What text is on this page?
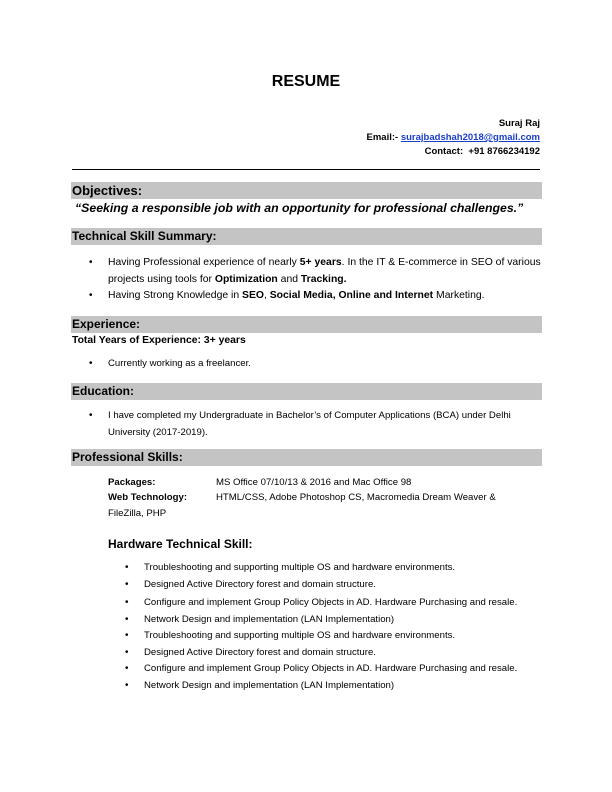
RESUME
Suraj Raj
Email:- surajbadshah2018@gmail.com
Contact: +91 8766234192
Objectives:
“Seeking a responsible job with an opportunity for professional challenges.”
Technical Skill Summary:
• Having Professional experience of nearly 5+ years. In the IT & E-commerce in SEO of various projects using tools for Optimization and Tracking.
• Having Strong Knowledge in SEO, Social Media, Online and Internet Marketing.
Experience:
Total Years of Experience: 3+ years
• Currently working as a freelancer.
Education:
• I have completed my Undergraduate in Bachelor’s of Computer Applications (BCA) under Delhi University (2017-2019).
Professional Skills:
Packages:	MS Office 07/10/13 & 2016 and Mac Office 98
Web Technology:	HTML/CSS, Adobe Photoshop CS, Macromedia Dream Weaver &
FileZilla, PHP
Hardware Technical Skill:
• Troubleshooting and supporting multiple OS and hardware environments.
• Designed Active Directory forest and domain structure.
• Configure and implement Group Policy Objects in AD. Hardware Purchasing and resale.
• Network Design and implementation (LAN Implementation)
• Troubleshooting and supporting multiple OS and hardware environments.
• Designed Active Directory forest and domain structure.
• Configure and implement Group Policy Objects in AD. Hardware Purchasing and resale.
• Network Design and implementation (LAN Implementation)
